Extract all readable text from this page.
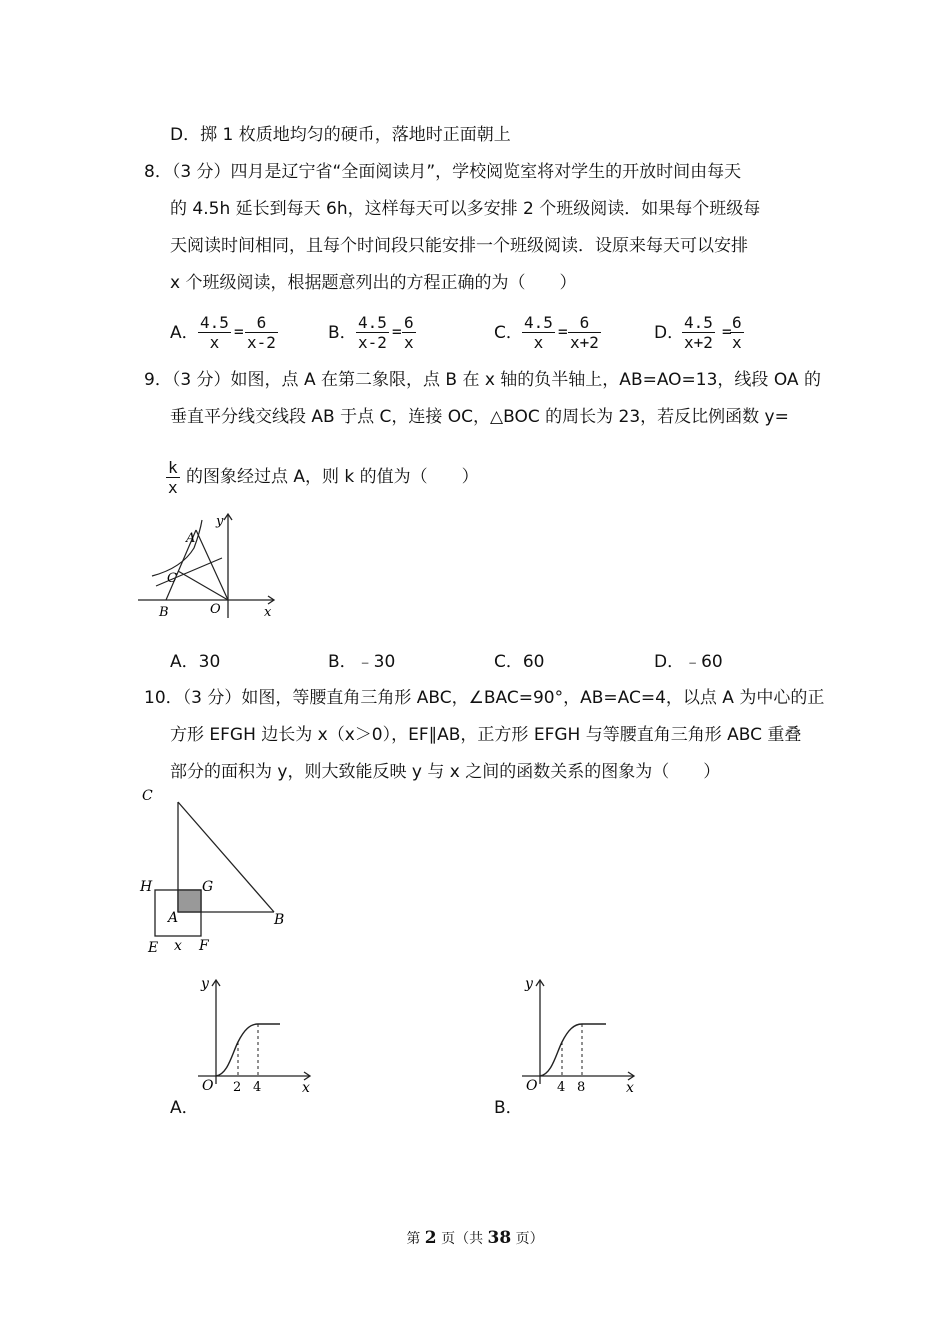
D．掷 1 枚质地均匀的硬币，落地时正面朝上
8．（3 分）四月是辽宁省“全面阅读月”，学校阅览室将对学生的开放时间由每天
的 4.5h 延长到每天 6h，这样每天可以多安排 2 个班级阅读．如果每个班级每
天阅读时间相同，且每个时间段只能安排一个班级阅读．设原来每天可以安排
x 个班级阅读，根据题意列出的方程正确的为（　　）
A． $\frac{4.5}{x} = \frac{6}{x-2}$	B． $\frac{4.5}{x-2} = \frac{6}{x}$	C． $\frac{4.5}{x} = \frac{6}{x+2}$	D．
$\frac{4.5}{x+2}$ =
$\frac{6}{x}$
9．（3 分）如图，点 A 在第二象限，点 B 在 x 轴的负半轴上，AB=AO=13，线段 OA 的
垂直平分线交线段 AB 于点 C，连接 OC，△BOC 的周长为 23，若反比例函数 y=
$\frac{k}{x}$ 的图象经过点 A，则 k 的值为（　　）
y
x
A
C
B	O
A．30	B．﹣30	C．60	D．﹣60
10．（3 分）如图，等腰直角三角形 ABC，∠BAC=90°，AB=AC=4，以点 A 为中心的正
方形 EFGH 边长为 x（x＞0），EF∥AB，正方形 EFGH 与等腰直角三角形 ABC 重叠
部分的面积为 y，则大致能反映 y 与 x 之间的函数关系的图象为（　　）
C
H	G
A	B
E x F
y
x
O 2 4
A．
y
x
O 4 8
B．
第 2 页（共 38 页）
